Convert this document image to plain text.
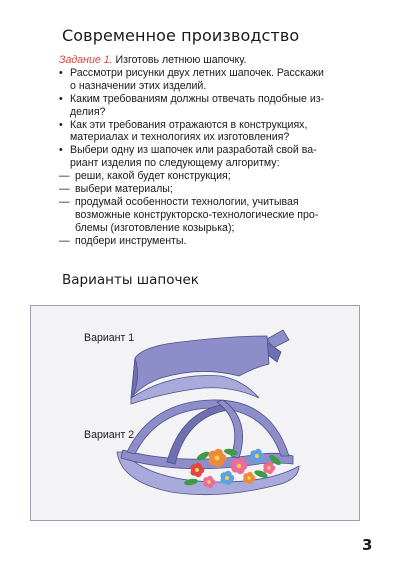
Современное производство
Задание 1. Изготовь летнюю шапочку.
• Рассмотри рисунки двух летних шапочек. Расскажи
о назначении этих изделий.
• Каким требованиям должны отвечать подобные из-
делия?
• Как эти требования отражаются в конструкциях,
материалах и технологиях их изготовления?
• Выбери одну из шапочек или разработай свой ва-
риант изделия по следующему алгоритму:
— реши, какой будет конструкция;
— выбери материалы;
— продумай особенности технологии, учитывая
возможные конструкторско-технологические про-
блемы (изготовление козырька);
— подбери инструменты.
Варианты шапочек
Вариант 1
Вариант 2
3
